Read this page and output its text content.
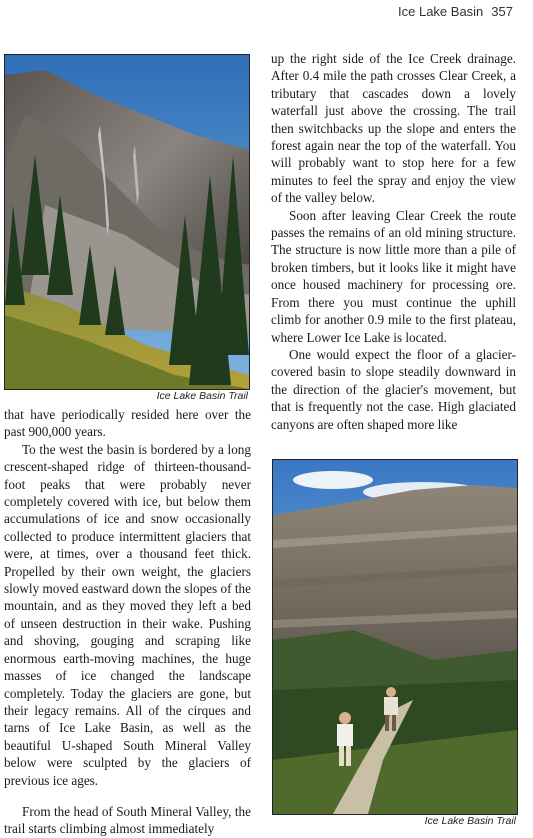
Ice Lake Basin 357
Ice Lake Basin Trail

that have periodically resided here over the past 900,000 years.

To the west the basin is bordered by a long crescent-shaped ridge of thirteen-thousand-foot peaks that were probably never completely covered with ice, but below them accumulations of ice and snow occasionally collected to produce intermittent glaciers that were, at times, over a thousand feet thick. Propelled by their own weight, the glaciers slowly moved eastward down the slopes of the mountain, and as they moved they left a bed of unseen destruction in their wake. Pushing and shoving, gouging and scraping like enormous earth-moving machines, the huge masses of ice changed the landscape completely. Today the glaciers are gone, but their legacy remains. All of the cirques and tarns of Ice Lake Basin, as well as the beautiful U-shaped South Mineral Valley below were sculpted by the glaciers of previous ice ages.

From the head of South Mineral Valley, the trail starts climbing almost immediately

up the right side of the Ice Creek drainage. After 0.4 mile the path crosses Clear Creek, a tributary that cascades down a lovely waterfall just above the crossing. The trail then switchbacks up the slope and enters the forest again near the top of the waterfall. You will probably want to stop here for a few minutes to feel the spray and enjoy the view of the valley below.

Soon after leaving Clear Creek the route passes the remains of an old mining structure. The structure is now little more than a pile of broken timbers, but it looks like it might have once housed machinery for processing ore. From there you must continue the uphill climb for another 0.9 mile to the first plateau, where Lower Ice Lake is located.

One would expect the floor of a glacier-covered basin to slope steadily downward in the direction of the glacier's movement, but that is frequently not the case. High glaciated canyons are often shaped more like

Ice Lake Basin Trail
